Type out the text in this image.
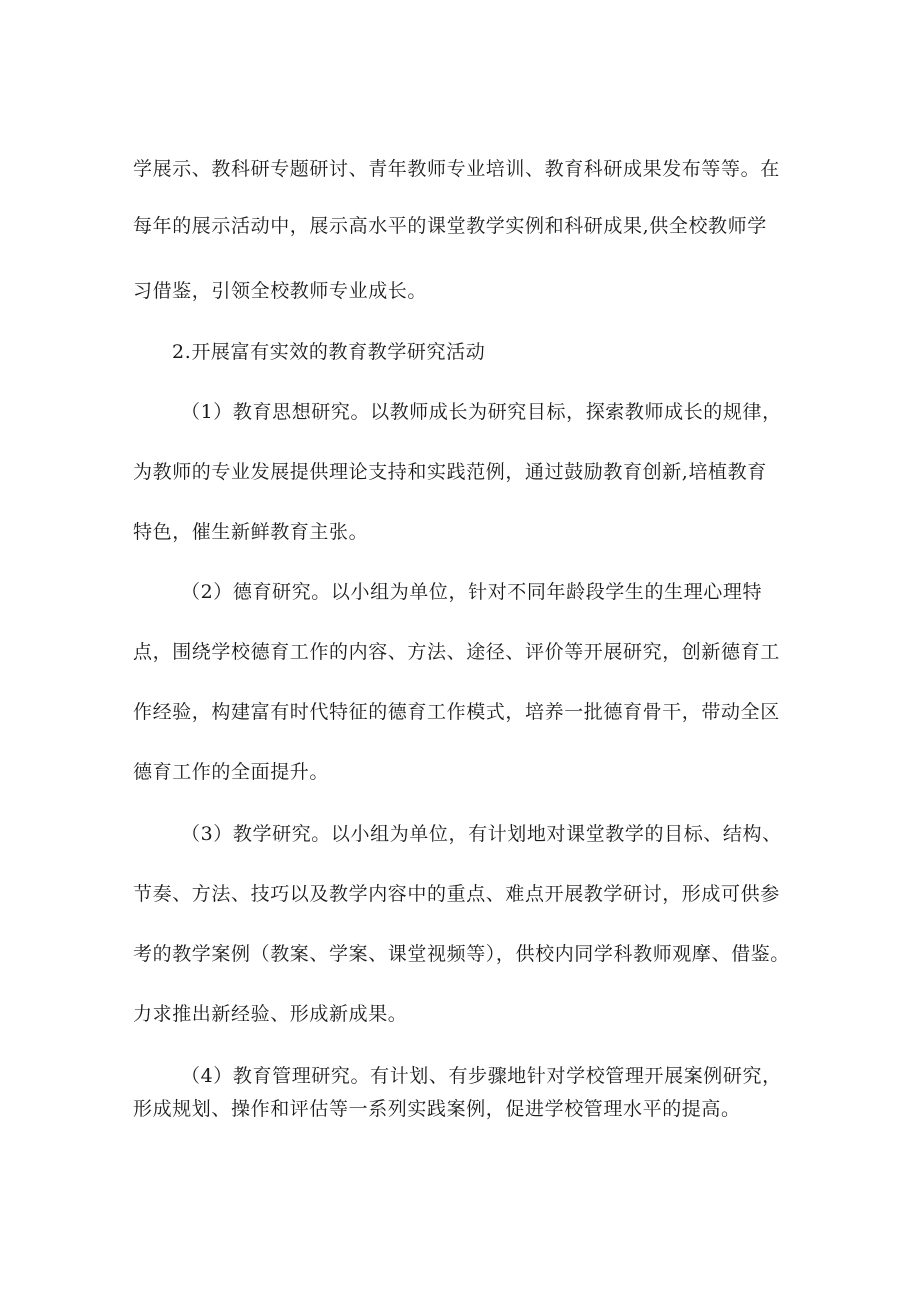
学展示、教科研专题研讨、青年教师专业培训、教育科研成果发布等等。在
每年的展示活动中，展示高水平的课堂教学实例和科研成果,供全校教师学
习借鉴，引领全校教师专业成长。
2.开展富有实效的教育教学研究活动
（1）教育思想研究。以教师成长为研究目标，探索教师成长的规律，
为教师的专业发展提供理论支持和实践范例，通过鼓励教育创新,培植教育
特色，催生新鲜教育主张。
（2）德育研究。以小组为单位，针对不同年龄段学生的生理心理特
点，围绕学校德育工作的内容、方法、途径、评价等开展研究，创新德育工
作经验，构建富有时代特征的德育工作模式，培养一批德育骨干，带动全区
德育工作的全面提升。
（3）教学研究。以小组为单位，有计划地对课堂教学的目标、结构、
节奏、方法、技巧以及教学内容中的重点、难点开展教学研讨，形成可供参
考的教学案例（教案、学案、课堂视频等），供校内同学科教师观摩、借鉴。
力求推出新经验、形成新成果。
（4）教育管理研究。有计划、有步骤地针对学校管理开展案例研究，
形成规划、操作和评估等一系列实践案例，促进学校管理水平的提高。
